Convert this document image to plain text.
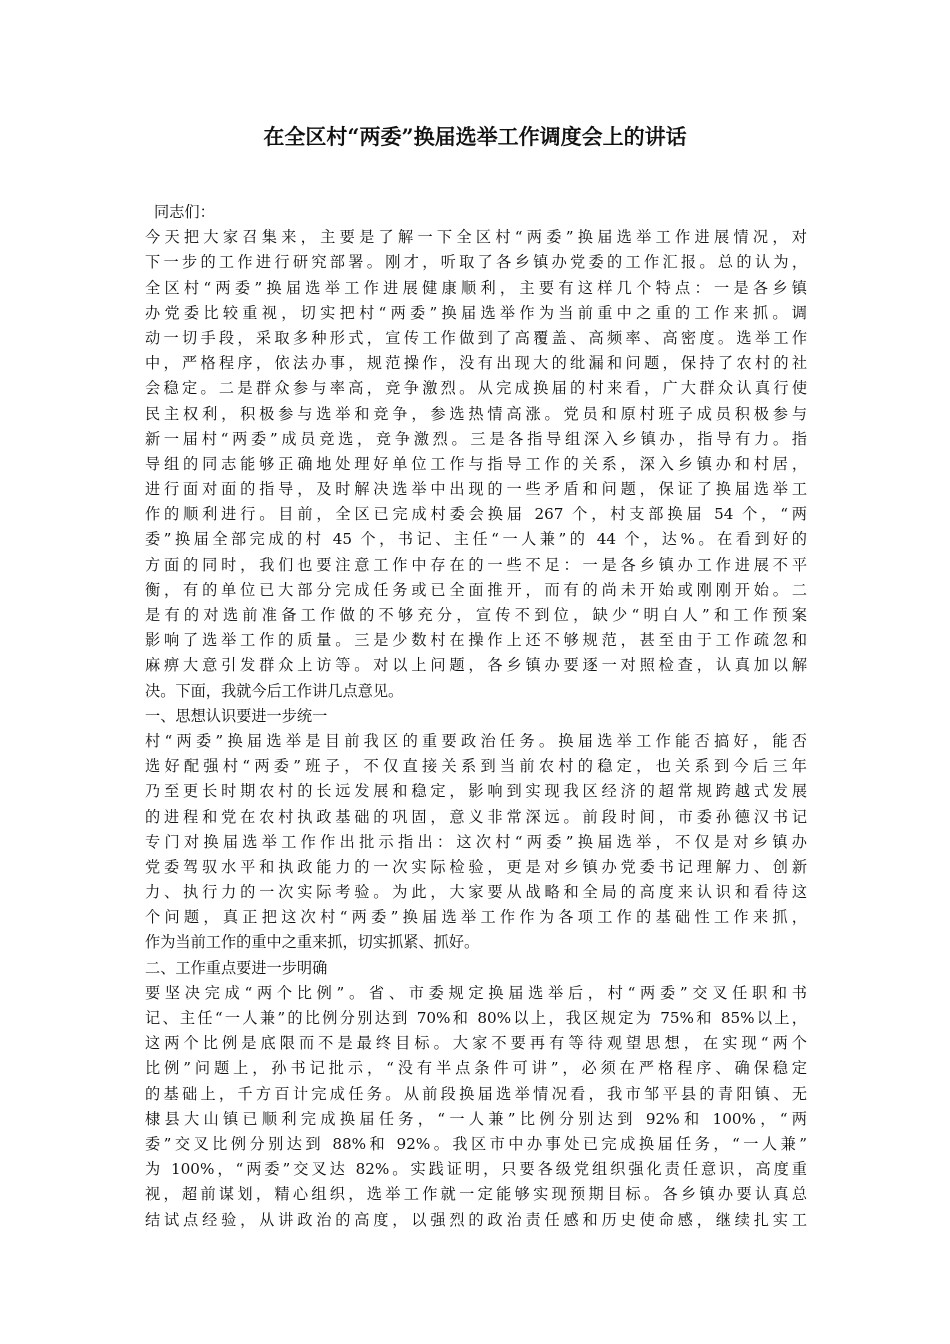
在全区村“两委”换届选举工作调度会上的讲话
同志们：
今天把大家召集来，主要是了解一下全区村“两委”换届选举工作进展情况，对
下一步的工作进行研究部署。刚才，听取了各乡镇办党委的工作汇报。总的认为，
全区村“两委”换届选举工作进展健康顺利，主要有这样几个特点：一是各乡镇
办党委比较重视，切实把村“两委”换届选举作为当前重中之重的工作来抓。调
动一切手段，采取多种形式，宣传工作做到了高覆盖、高频率、高密度。选举工作
中，严格程序，依法办事，规范操作，没有出现大的纰漏和问题，保持了农村的社
会稳定。二是群众参与率高，竞争激烈。从完成换届的村来看，广大群众认真行使
民主权利，积极参与选举和竞争，参选热情高涨。党员和原村班子成员积极参与
新一届村“两委”成员竞选，竞争激烈。三是各指导组深入乡镇办，指导有力。指
导组的同志能够正确地处理好单位工作与指导工作的关系，深入乡镇办和村居，
进行面对面的指导，及时解决选举中出现的一些矛盾和问题，保证了换届选举工
作的顺利进行。目前，全区已完成村委会换届 267 个，村支部换届 54 个，“两
委”换届全部完成的村 45 个，书记、主任“一人兼”的 44 个，达%。在看到好的
方面的同时，我们也要注意工作中存在的一些不足：一是各乡镇办工作进展不平
衡，有的单位已大部分完成任务或已全面推开，而有的尚未开始或刚刚开始。二
是有的对选前准备工作做的不够充分，宣传不到位，缺少“明白人”和工作预案
影响了选举工作的质量。三是少数村在操作上还不够规范，甚至由于工作疏忽和
麻痹大意引发群众上访等。对以上问题，各乡镇办要逐一对照检查，认真加以解
决。下面，我就今后工作讲几点意见。
一、思想认识要进一步统一
村“两委”换届选举是目前我区的重要政治任务。换届选举工作能否搞好，能否
选好配强村“两委”班子，不仅直接关系到当前农村的稳定，也关系到今后三年
乃至更长时期农村的长远发展和稳定，影响到实现我区经济的超常规跨越式发展
的进程和党在农村执政基础的巩固，意义非常深远。前段时间，市委孙德汉书记
专门对换届选举工作作出批示指出：这次村“两委”换届选举，不仅是对乡镇办
党委驾驭水平和执政能力的一次实际检验，更是对乡镇办党委书记理解力、创新
力、执行力的一次实际考验。为此，大家要从战略和全局的高度来认识和看待这
个问题，真正把这次村“两委”换届选举工作作为各项工作的基础性工作来抓，
作为当前工作的重中之重来抓，切实抓紧、抓好。
二、工作重点要进一步明确
要坚决完成“两个比例”。省、市委规定换届选举后，村“两委”交叉任职和书
记、主任“一人兼”的比例分别达到 70%和 80%以上，我区规定为 75%和 85%以上，
这两个比例是底限而不是最终目标。大家不要再有等待观望思想，在实现“两个
比例”问题上，孙书记批示，“没有半点条件可讲”，必须在严格程序、确保稳定
的基础上，千方百计完成任务。从前段换届选举情况看，我市邹平县的青阳镇、无
棣县大山镇已顺利完成换届任务，“一人兼”比例分别达到 92%和 100%，“两
委”交叉比例分别达到 88%和 92%。我区市中办事处已完成换届任务，“一人兼”
为 100%，“两委”交叉达 82%。实践证明，只要各级党组织强化责任意识，高度重
视，超前谋划，精心组织，选举工作就一定能够实现预期目标。各乡镇办要认真总
结试点经验，从讲政治的高度，以强烈的政治责任感和历史使命感，继续扎实工
